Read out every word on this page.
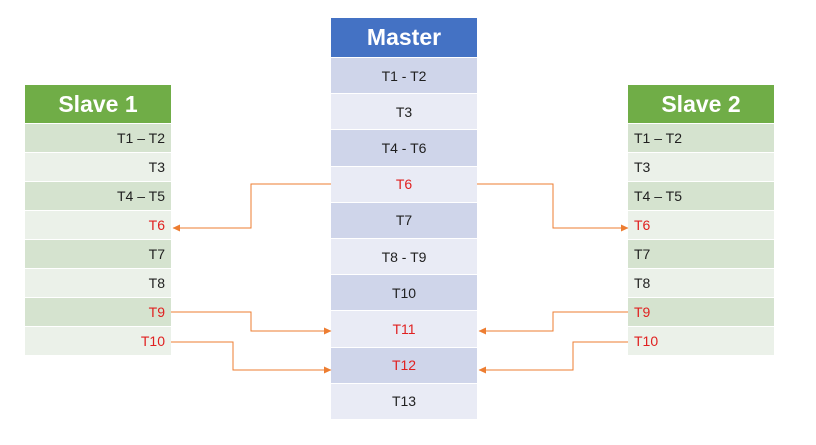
Master
T1 - T2
T3
T4 - T6
T6
T7
T8 - T9
T10
T11
T12
T13
Slave 1
T1 – T2
T3
T4 – T5
T6
T7
T8
T9
T10
Slave 2
T1 – T2
T3
T4 – T5
T6
T7
T8
T9
T10
